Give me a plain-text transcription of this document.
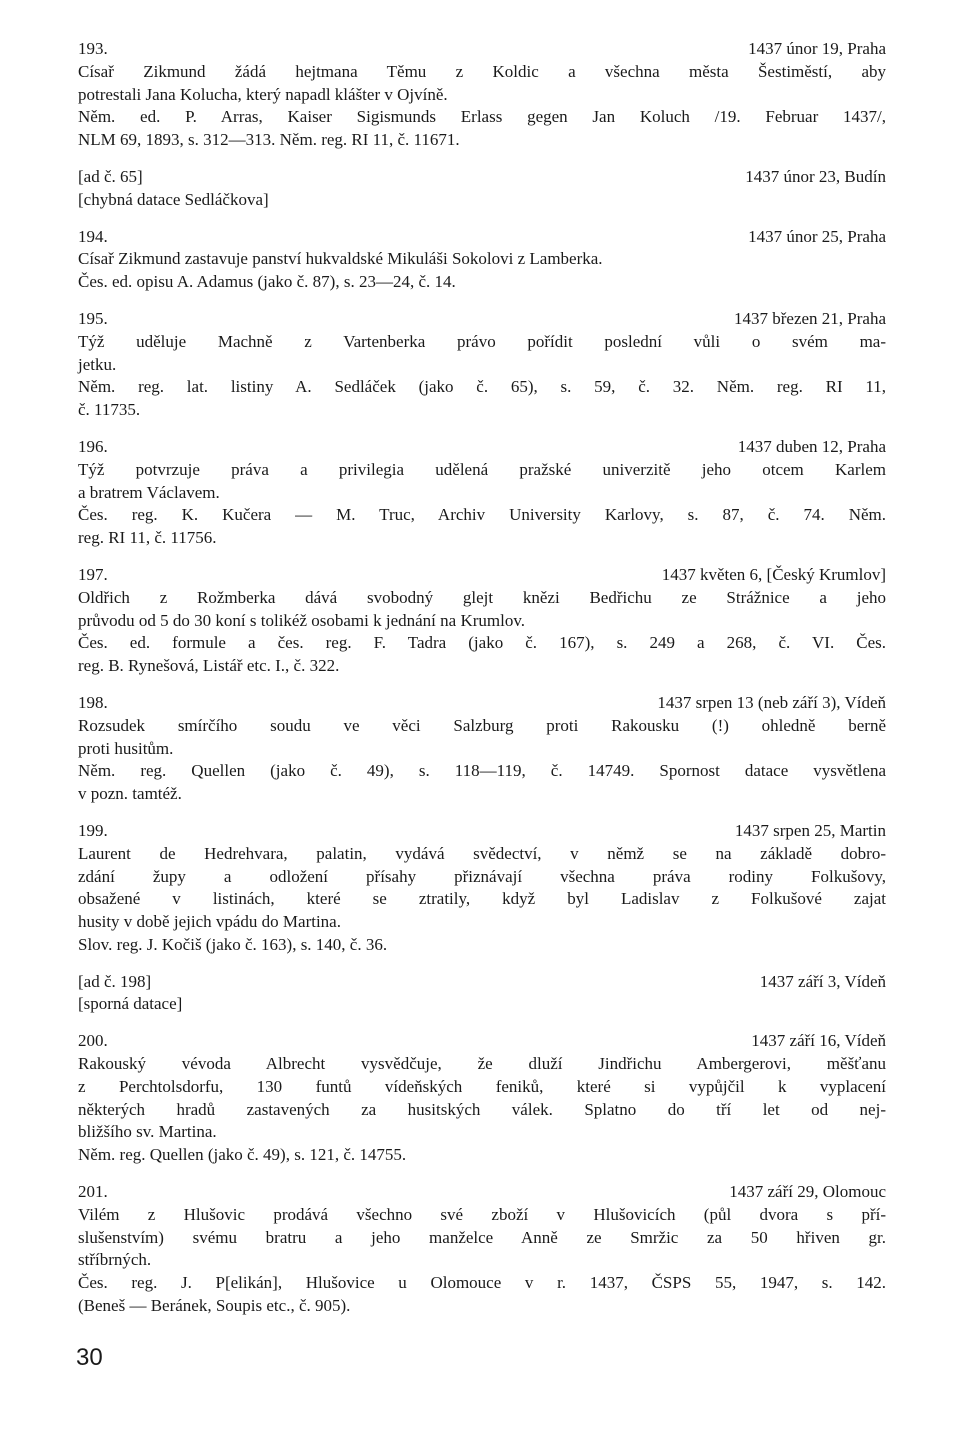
193.	1437 únor 19, Praha
Císař Zikmund žádá hejtmana Těmu z Koldic a všechna města Šestiměstí, aby
potrestali Jana Kolucha, který napadl klášter v Ojvíně.
Něm. ed. P. Arras, Kaiser Sigismunds Erlass gegen Jan Koluch /19. Februar 1437/,
NLM 69, 1893, s. 312—313. Něm. reg. RI 11, č. 11671.
[ad č. 65]	1437 únor 23, Budín
[chybná datace Sedláčkova]
194.	1437 únor 25, Praha
Císař Zikmund zastavuje panství hukvaldské Mikuláši Sokolovi z Lamberka.
Čes. ed. opisu A. Adamus (jako č. 87), s. 23—24, č. 14.
195.	1437 březen 21, Praha
Týž uděluje Machně z Vartenberka právo pořídit poslední vůli o svém ma-
jetku.
Něm. reg. lat. listiny A. Sedláček (jako č. 65), s. 59, č. 32. Něm. reg. RI 11,
č. 11735.
196.	1437 duben 12, Praha
Týž potvrzuje práva a privilegia udělená pražské univerzitě jeho otcem Karlem
a bratrem Václavem.
Čes. reg. K. Kučera — M. Truc, Archiv University Karlovy, s. 87, č. 74. Něm.
reg. RI 11, č. 11756.
197.	1437 květen 6, [Český Krumlov]
Oldřich z Rožmberka dává svobodný glejt knězi Bedřichu ze Strážnice a jeho
průvodu od 5 do 30 koní s tolikéž osobami k jednání na Krumlov.
Čes. ed. formule a čes. reg. F. Tadra (jako č. 167), s. 249 a 268, č. VI. Čes.
reg. B. Rynešová, Listář etc. I., č. 322.
198.	1437 srpen 13 (neb září 3), Vídeň
Rozsudek smírčího soudu ve věci Salzburg proti Rakousku (!) ohledně berně
proti husitům.
Něm. reg. Quellen (jako č. 49), s. 118—119, č. 14749. Spornost datace vysvětlena
v pozn. tamtéž.
199.	1437 srpen 25, Martin
Laurent de Hedrehvara, palatin, vydává svědectví, v němž se na základě dobro-
zdání župy a odložení přísahy přiznávají všechna práva rodiny Folkušovy,
obsažené v listinách, které se ztratily, když byl Ladislav z Folkušové zajat
husity v době jejich vpádu do Martina.
Slov. reg. J. Kočiš (jako č. 163), s. 140, č. 36.
[ad č. 198]	1437 září 3, Vídeň
[sporná datace]
200.	1437 září 16, Vídeň
Rakouský vévoda Albrecht vysvědčuje, že dluží Jindřichu Ambergerovi, měšťanu
z Perchtolsdorfu, 130 funtů vídeňských feniků, které si vypůjčil k vyplacení
některých hradů zastavených za husitských válek. Splatno do tří let od nej-
bližšího sv. Martina.
Něm. reg. Quellen (jako č. 49), s. 121, č. 14755.
201.	1437 září 29, Olomouc
Vilém z Hlušovic prodává všechno své zboží v Hlušovicích (půl dvora s pří-
slušenstvím) svému bratru a jeho manželce Anně ze Smržic za 50 hřiven gr.
stříbrných.
Čes. reg. J. P[elikán], Hlušovice u Olomouce v r. 1437, ČSPS 55, 1947, s. 142.
(Beneš — Beránek, Soupis etc., č. 905).
30
